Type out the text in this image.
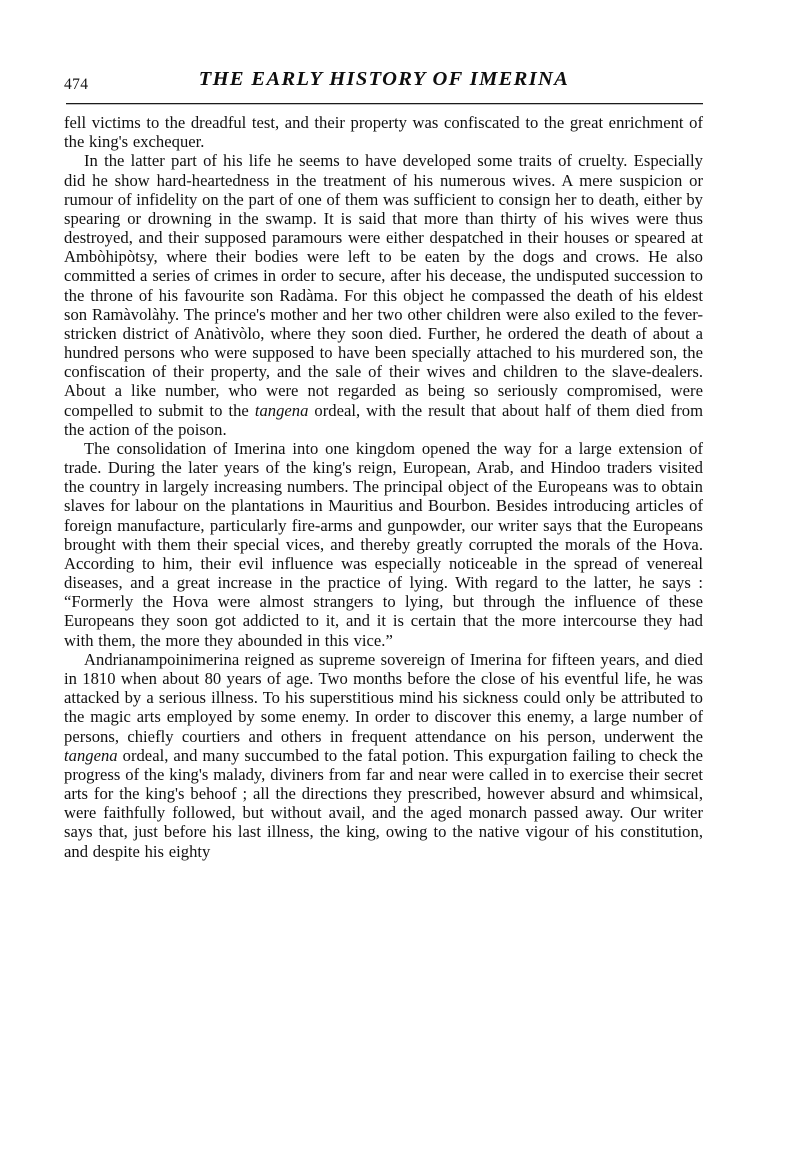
474	THE EARLY HISTORY OF IMERINA

fell victims to the dreadful test, and their property was confiscated to the great enrichment of the king's exchequer.

In the latter part of his life he seems to have developed some traits of cruelty. Especially did he show hard-heartedness in the treatment of his numerous wives. A mere suspicion or rumour of infidelity on the part of one of them was sufficient to consign her to death, either by spearing or drowning in the swamp. It is said that more than thirty of his wives were thus destroyed, and their supposed paramours were either despatched in their houses or speared at Ambòhipòtsy, where their bodies were left to be eaten by the dogs and crows. He also committed a series of crimes in order to secure, after his decease, the undisputed succession to the throne of his favourite son Radàma. For this object he compassed the death of his eldest son Ramàvolàhy. The prince's mother and her two other children were also exiled to the fever-stricken district of Anàtivòlo, where they soon died. Further, he ordered the death of about a hundred persons who were supposed to have been specially attached to his murdered son, the confiscation of their property, and the sale of their wives and children to the slave-dealers. About a like number, who were not regarded as being so seriously compromised, were compelled to submit to the tangena ordeal, with the result that about half of them died from the action of the poison.

The consolidation of Imerina into one kingdom opened the way for a large extension of trade. During the later years of the king's reign, European, Arab, and Hindoo traders visited the country in largely increasing numbers. The principal object of the Europeans was to obtain slaves for labour on the plantations in Mauritius and Bourbon. Besides introducing articles of foreign manufacture, particularly fire-arms and gunpowder, our writer says that the Europeans brought with them their special vices, and thereby greatly corrupted the morals of the Hova. According to him, their evil influence was especially noticeable in the spread of venereal diseases, and a great increase in the practice of lying. With regard to the latter, he says : “Formerly the Hova were almost strangers to lying, but through the influence of these Europeans they soon got addicted to it, and it is certain that the more intercourse they had with them, the more they abounded in this vice.”

Andrianampoinimerina reigned as supreme sovereign of Imerina for fifteen years, and died in 1810 when about 80 years of age. Two months before the close of his eventful life, he was attacked by a serious illness. To his superstitious mind his sickness could only be attributed to the magic arts employed by some enemy. In order to discover this enemy, a large number of persons, chiefly courtiers and others in frequent attendance on his person, underwent the tangena ordeal, and many succumbed to the fatal potion. This expurgation failing to check the progress of the king's malady, diviners from far and near were called in to exercise their secret arts for the king's behoof ; all the directions they prescribed, however absurd and whimsical, were faithfully followed, but without avail, and the aged monarch passed away. Our writer says that, just before his last illness, the king, owing to the native vigour of his constitution, and despite his eighty
